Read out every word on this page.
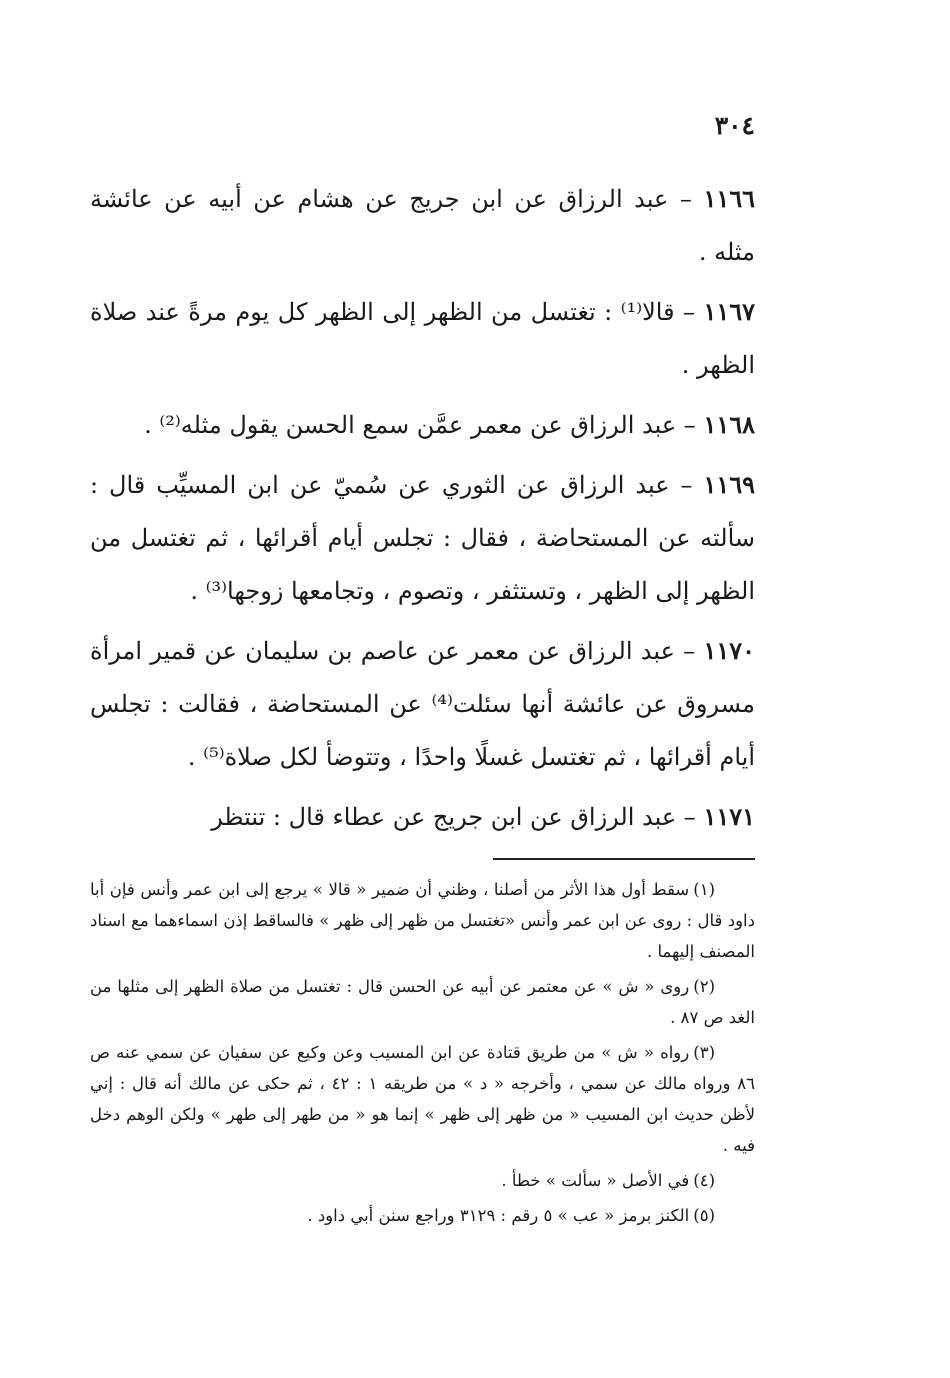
٣٠٤

١١٦٦ – عبد الرزاق عن ابن جريج عن هشام عن أبيه عن عائشة مثله .

١١٦٧ – قالا⁽¹⁾ : تغتسل من الظهر إلى الظهر كل يوم مرةً عند صلاة الظهر .

١١٦٨ – عبد الرزاق عن معمر عمَّن سمع الحسن يقول مثله⁽²⁾ .

١١٦٩ – عبد الرزاق عن الثوري عن سُميّ عن ابن المسيِّب قال : سألته عن المستحاضة ، فقال : تجلس أيام أقرائها ، ثم تغتسل من الظهر إلى الظهر ، وتستثفر ، وتصوم ، وتجامعها زوجها⁽³⁾ .

١١٧٠ – عبد الرزاق عن معمر عن عاصم بن سليمان عن قمير امرأة مسروق عن عائشة أنها سئلت⁽⁴⁾ عن المستحاضة ، فقالت : تجلس أيام أقرائها ، ثم تغتسل غسلًا واحدًا ، وتتوضأ لكل صلاة⁽⁵⁾ .

١١٧١ – عبد الرزاق عن ابن جريج عن عطاء قال : تنتظر

(١)سقط أول هذا الأثر من أصلنا ، وظني أن ضمير « قالا » يرجع إلى ابن عمر وأنس فإن أبا داود قال : روى عن ابن عمر وأنس «تغتسل من ظهر إلى ظهر » فالساقط إذن اسماءهما مع اسناد المصنف إليهما .

(٢)روى « ش » عن معتمر عن أبيه عن الحسن قال : تغتسل من صلاة الظهر إلى مثلها من الغد ص ٨٧ .

(٣)رواه « ش » من طريق قتادة عن ابن المسيب وعن وكيع عن سفيان عن سمي عنه ص ٨٦ ورواه مالك عن سمي ، وأخرجه « د » من طريقه ١ : ٤٢ ، ثم حكى عن مالك أنه قال : إني لأظن حديث ابن المسيب « من ظهر إلى ظهر » إنما هو « من طهر إلى طهر » ولكن الوهم دخل فيه .

(٤)في الأصل « سألت » خطأ .

(٥)الكنز برمز « عب » ٥ رقم : ٣١٢٩ وراجع سنن أبي داود .
